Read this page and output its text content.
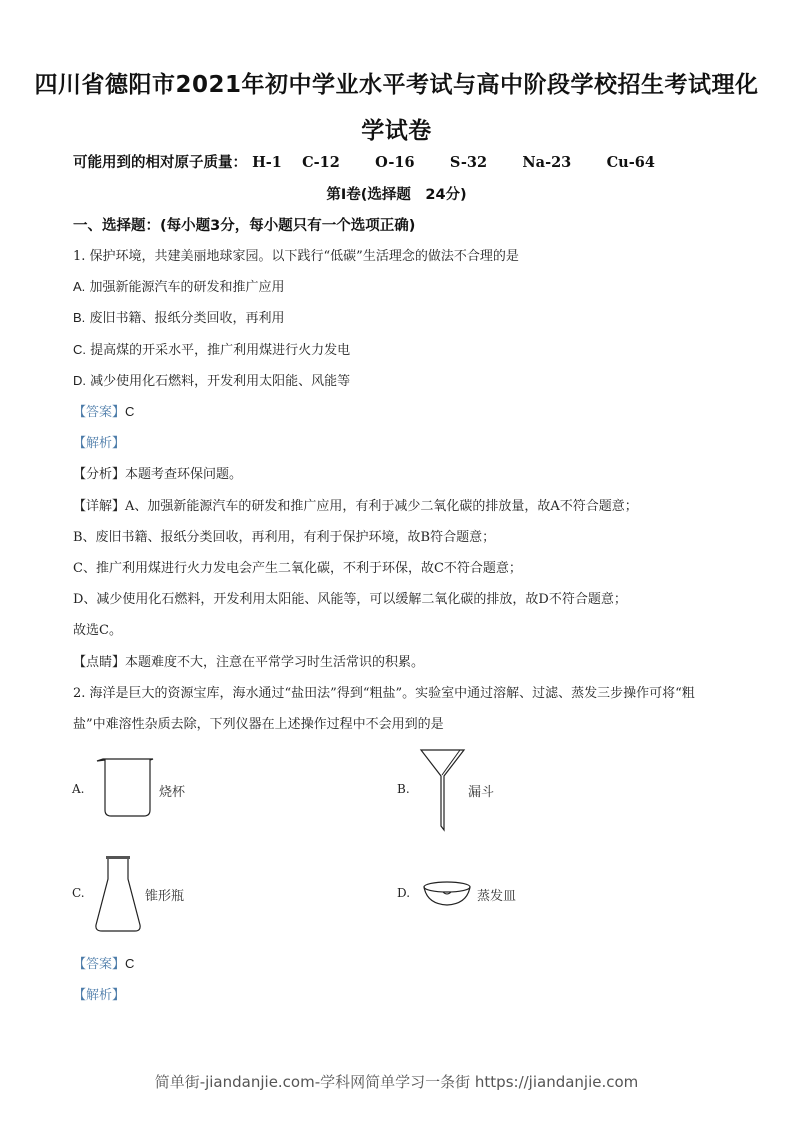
四川省德阳市2021年初中学业水平考试与高中阶段学校招生考试理化
学试卷
可能用到的相对原子质量： H-1 C-12 O-16 S-32 Na-23 Cu-64
第Ⅰ卷(选择题　24分)
一、选择题：(每小题3分，每小题只有一个选项正确)
1. 保护环境，共建美丽地球家园。以下践行“低碳”生活理念的做法不合理的是
A. 加强新能源汽车的研发和推广应用
B. 废旧书籍、报纸分类回收，再利用
C. 提高煤的开采水平，推广利用煤进行火力发电
D. 减少使用化石燃料，开发利用太阳能、风能等
【答案】C
【解析】
【分析】本题考查环保问题。
【详解】A、加强新能源汽车的研发和推广应用，有利于减少二氧化碳的排放量，故A不符合题意；
B、废旧书籍、报纸分类回收，再利用，有利于保护环境，故B符合题意；
C、推广利用煤进行火力发电会产生二氧化碳，不利于环保，故C不符合题意；
D、减少使用化石燃料，开发利用太阳能、风能等，可以缓解二氧化碳的排放，故D不符合题意；
故选C。
【点睛】本题难度不大，注意在平常学习时生活常识的积累。
2. 海洋是巨大的资源宝库，海水通过“盐田法”得到“粗盐”。实验室中通过溶解、过滤、蒸发三步操作可将“粗
盐”中难溶性杂质去除，下列仪器在上述操作过程中不会用到的是
A.	烧杯	B.	漏斗
C.	锥形瓶	D.	蒸发皿
【答案】C
【解析】
简单街-jiandanjie.com-学科网简单学习一条街 https://jiandanjie.com
